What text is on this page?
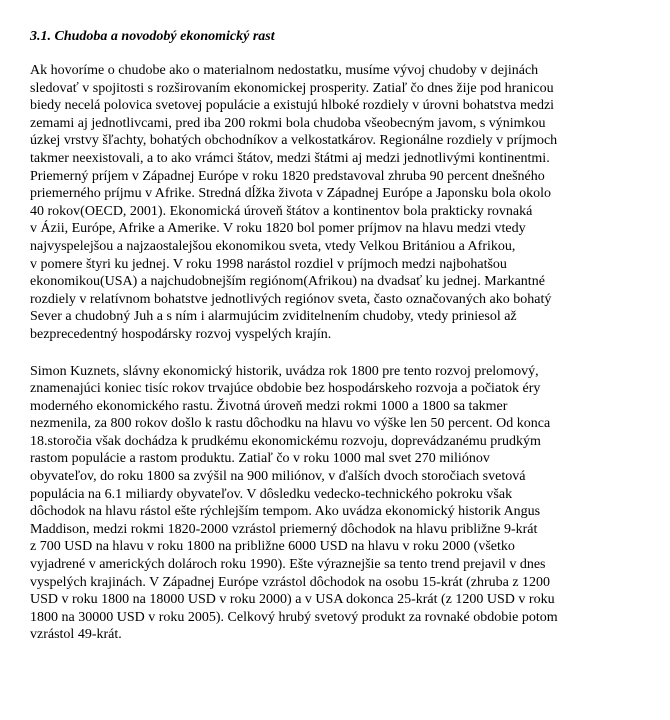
3.1. Chudoba a novodobý ekonomický rast
Ak hovoríme o chudobe ako o materialnom nedostatku, musíme vývoj chudoby v dejinách
sledovať v spojitosti s rozširovaním ekonomickej prosperity. Zatiaľ čo dnes žije pod hranicou
biedy necelá polovica svetovej populácie a existujú hlboké rozdiely v úrovni bohatstva medzi
zemami aj jednotlivcami, pred iba 200 rokmi bola chudoba všeobecným javom, s výnimkou
úzkej vrstvy šľachty, bohatých obchodníkov a velkostatkárov. Regionálne rozdiely v príjmoch
takmer neexistovali, a to ako vrámci štátov, medzi štátmi aj medzi jednotlivými kontinentmi.
Priemerný príjem v Západnej Európe v roku 1820 predstavoval zhruba 90 percent dnešného
priemerného príjmu v Afrike. Stredná dĺžka života v Západnej Európe a Japonsku bola okolo
40 rokov(OECD, 2001). Ekonomická úroveň štátov a kontinentov bola prakticky rovnaká
v Ázii, Európe, Afrike a Amerike. V roku 1820 bol pomer príjmov na hlavu medzi vtedy
najvyspelejšou a najzaostalejšou ekonomikou sveta, vtedy Velkou Britániou a Afrikou,
v pomere štyri ku jednej. V roku 1998 narástol rozdiel v príjmoch medzi najbohatšou
ekonomikou(USA) a najchudobnejším regiónom(Afrikou) na dvadsať ku jednej. Markantné
rozdiely v relatívnom bohatstve jednotlivých regiónov sveta, často označovaných ako bohatý
Sever a chudobný Juh a s ním i alarmujúcim zviditelnením chudoby, vtedy priniesol až
bezprecedentný hospodársky rozvoj vyspelých krajín.
Simon Kuznets, slávny ekonomický historik, uvádza rok 1800 pre tento rozvoj prelomový,
znamenajúci koniec tisíc rokov trvajúce obdobie bez hospodárskeho rozvoja a počiatok éry
moderného ekonomického rastu. Životná úroveň medzi rokmi 1000 a 1800 sa takmer
nezmenila, za 800 rokov došlo k rastu dôchodku na hlavu vo výške len 50 percent. Od konca
18.storočia však dochádza k prudkému ekonomickému rozvoju, doprevádzanému prudkým
rastom populácie a rastom produktu. Zatiaľ čo v roku 1000 mal svet 270 miliónov
obyvateľov, do roku 1800 sa zvýšil na 900 miliónov, v ďalších dvoch storočiach svetová
populácia na 6.1 miliardy obyvateľov. V dôsledku vedecko-technického pokroku však
dôchodok na hlavu rástol ešte rýchlejším tempom. Ako uvádza ekonomický historik Angus
Maddison, medzi rokmi 1820-2000 vzrástol priemerný dôchodok na hlavu približne 9-krát
z 700 USD na hlavu v roku 1800 na približne 6000 USD na hlavu v roku 2000 (všetko
vyjadrené v amerických dolároch roku 1990). Ešte výraznejšie sa tento trend prejavil v dnes
vyspelých krajinách. V Západnej Európe vzrástol dôchodok na osobu 15-krát (zhruba z 1200
USD v roku 1800 na 18000 USD v roku 2000) a v USA dokonca 25-krát (z 1200 USD v roku
1800 na 30000 USD v roku 2005). Celkový hrubý svetový produkt za rovnaké obdobie potom
vzrástol 49-krát.
